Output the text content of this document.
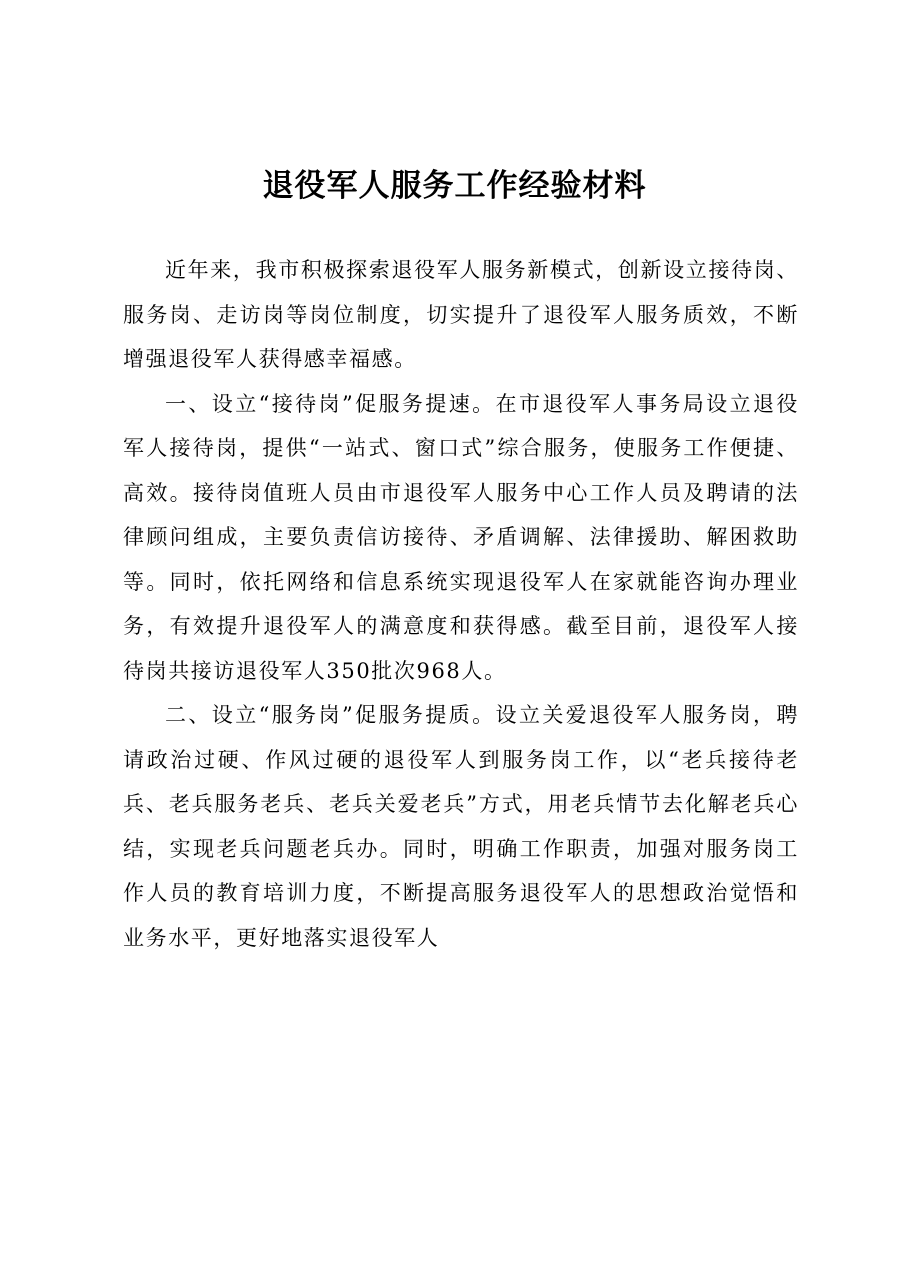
退役军人服务工作经验材料

近年来，我市积极探索退役军人服务新模式，创新设立接待岗、服务岗、走访岗等岗位制度，切实提升了退役军人服务质效，不断增强退役军人获得感幸福感。

一、设立“接待岗”促服务提速。在市退役军人事务局设立退役军人接待岗，提供“一站式、窗口式”综合服务，使服务工作便捷、高效。接待岗值班人员由市退役军人服务中心工作人员及聘请的法律顾问组成，主要负责信访接待、矛盾调解、法律援助、解困救助等。同时，依托网络和信息系统实现退役军人在家就能咨询办理业务，有效提升退役军人的满意度和获得感。截至目前，退役军人接待岗共接访退役军人350批次968人。

二、设立“服务岗”促服务提质。设立关爱退役军人服务岗，聘请政治过硬、作风过硬的退役军人到服务岗工作，以“老兵接待老兵、老兵服务老兵、老兵关爱老兵”方式，用老兵情节去化解老兵心结，实现老兵问题老兵办。同时，明确工作职责，加强对服务岗工作人员的教育培训力度，不断提高服务退役军人的思想政治觉悟和业务水平，更好地落实退役军人
